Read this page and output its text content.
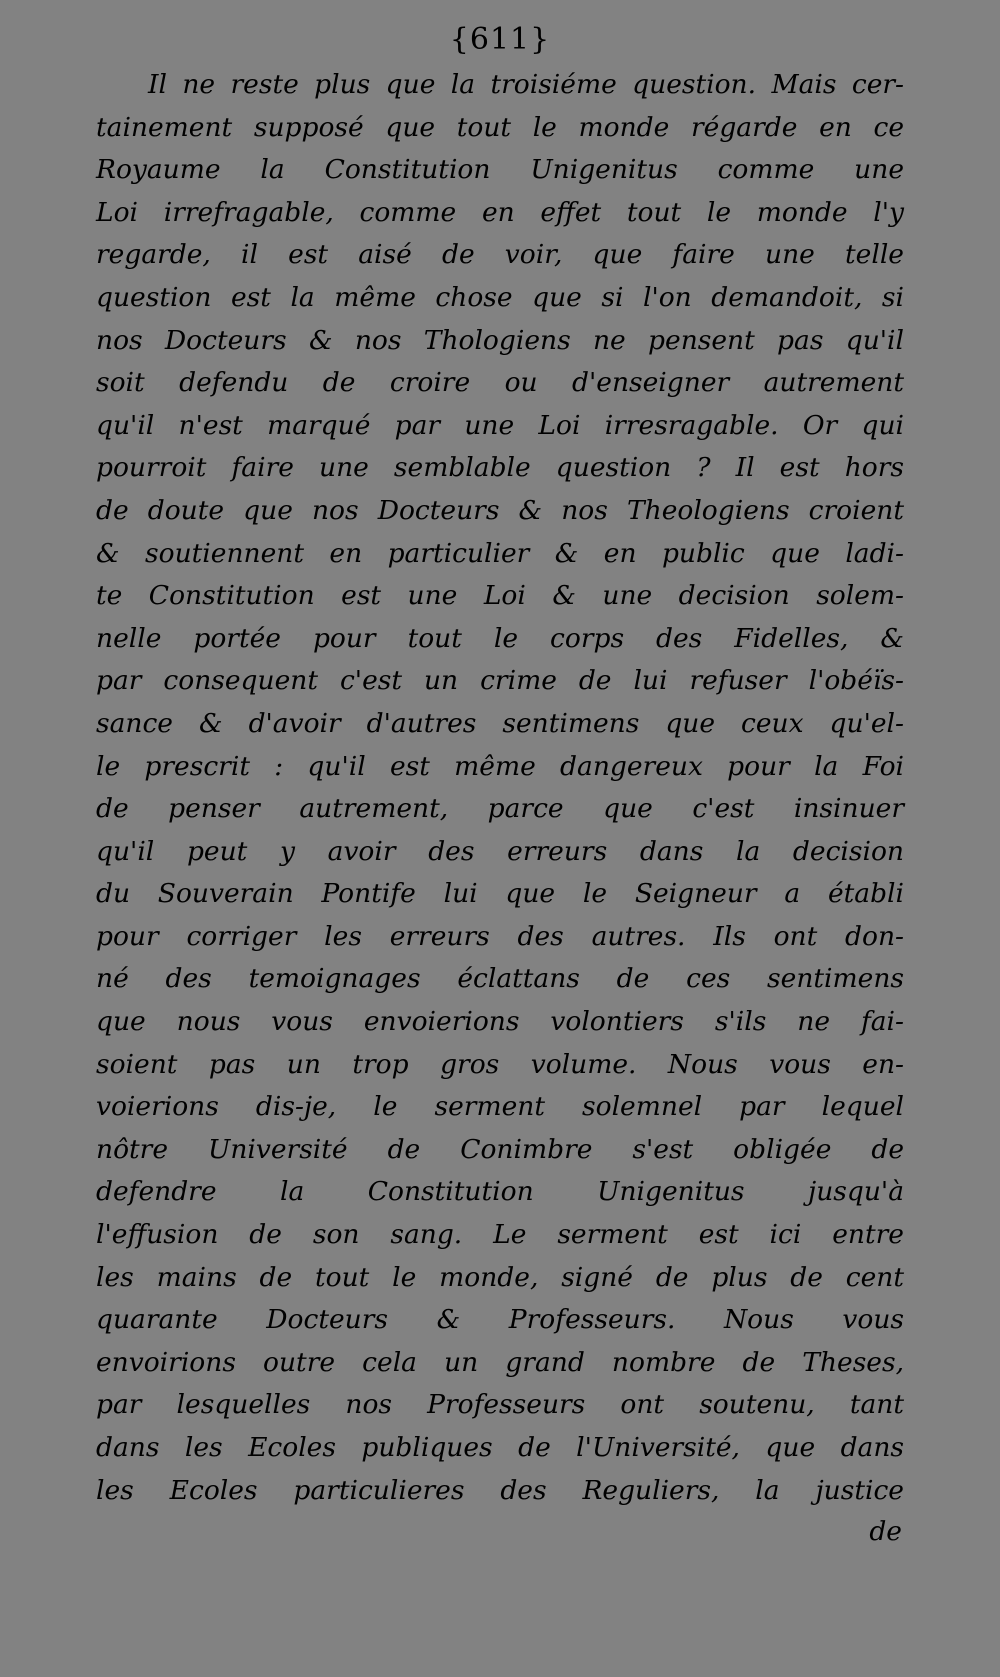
{611}
Il ne reste plus que la troisiéme question. Mais cer-
tainement supposé que tout le monde régarde en ce
Royaume la Constitution Unigenitus comme une
Loi irrefragable, comme en effet tout le monde l'y
regarde, il est aisé de voir, que faire une telle
question est la même chose que si l'on demandoit, si
nos Docteurs & nos Thologiens ne pensent pas qu'il
soit defendu de croire ou d'enseigner autrement
qu'il n'est marqué par une Loi irresragable. Or qui
pourroit faire une semblable question ? Il est hors
de doute que nos Docteurs & nos Theologiens croient
& soutiennent en particulier & en public que ladi-
te Constitution est une Loi & une decision solem-
nelle portée pour tout le corps des Fidelles, &
par consequent c'est un crime de lui refuser l'obéïs-
sance & d'avoir d'autres sentimens que ceux qu'el-
le prescrit : qu'il est même dangereux pour la Foi
de penser autrement, parce que c'est insinuer
qu'il peut y avoir des erreurs dans la decision
du Souverain Pontife lui que le Seigneur a établi
pour corriger les erreurs des autres. Ils ont don-
né des temoignages éclattans de ces sentimens
que nous vous envoierions volontiers s'ils ne fai-
soient pas un trop gros volume. Nous vous en-
voierions dis-je, le serment solemnel par lequel
nôtre Université de Conimbre s'est obligée de
defendre la Constitution Unigenitus jusqu'à
l'effusion de son sang. Le serment est ici entre
les mains de tout le monde, signé de plus de cent
quarante Docteurs & Professeurs. Nous vous
envoirions outre cela un grand nombre de Theses,
par lesquelles nos Professeurs ont soutenu, tant
dans les Ecoles publiques de l'Université, que dans
les Ecoles particulieres des Reguliers, la justice
de
